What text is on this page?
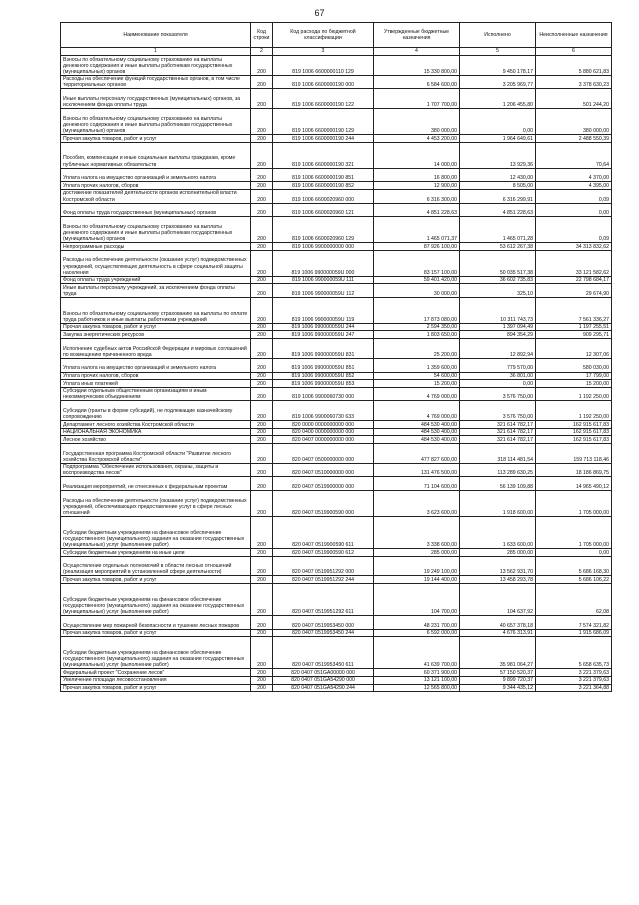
67
Наименование показателя	Код строки	Код расхода по бюджетной классификации	Утвержденные бюджетные назначения	Исполнено	Неисполненные назначения
1	2	3	4	5	6
Взносы по обязательному социальному страхованию на выплаты денежного содержания и иные выплаты работникам государственных (муниципальных) органов	200	819 1006 6600000110 129	15 330 800,00	9 450 178,17	5 880 621,83
Расходы на обеспечение функций государственных органов, в том числе территориальных органов	200	819 1006 6600000190 000	6 584 600,00	3 205 969,77	3 378 630,23
Иные выплаты персоналу государственных (муниципальных) органов, за исключением фонда оплаты труда	200	819 1006 6600000190 122	1 707 700,00	1 206 455,80	501 244,20
Взносы по обязательному социальному страхованию на выплаты денежного содержания и иные выплаты работникам государственных (муниципальных) органов	200	819 1006 6600000190 129	380 000,00	0,00	380 000,00
Прочая закупка товаров, работ и услуг	200	819 1006 6600000190 244	4 453 200,00	1 964 649,61	2 488 550,39
Пособия, компенсации и иные социальные выплаты гражданам, кроме публичных нормативных обязательств	200	819 1006 6600000190 321	14 000,00	13 929,36	70,64
Уплата налога на имущество организаций и земельного налога	200	819 1006 6600000190 851	16 800,00	12 430,00	4 370,00
Уплата прочих налогов, сборов	200	819 1006 6600000190 852	12 900,00	8 505,00	4 395,00
достижение показателей деятельности органов исполнительной власти Костромской области	200	819 1006 6600020960 000	6 316 300,00	6 316 299,91	0,09
Фонд оплаты труда государственных (муниципальных) органов	200	819 1006 6600020960 121	4 851 228,63	4 851 228,63	0,00
Взносы по обязательному социальному страхованию на выплаты денежного содержания и иные выплаты работникам государственных (муниципальных) органов	200	819 1006 6600020960 129	1 465 071,37	1 465 071,28	0,09
Непрограммные расходы	200	819 1006 9900000000 000	87 926 100,00	53 612 267,38	34 313 832,62
Расходы на обеспечение деятельности (оказание услуг) подведомственных учреждений, осуществляющих деятельность в сфере социальной защиты населения	200	819 1006 990000059U 000	83 157 100,00	50 035 517,38	33 121 582,62
Фонд оплаты труда учреждений	200	819 1006 990000059U 111	59 401 420,00	36 602 735,83	22 798 684,17
Иные выплаты персоналу учреждений, за исключением фонда оплаты труда	200	819 1006 990000059U 112	30 000,00	325,10	29 674,90
Взносы по обязательному социальному страхованию на выплаты по оплате труда работников и иные выплаты работникам учреждений	200	819 1006 990000059U 119	17 873 080,00	10 311 743,73	7 561 336,27
Прочая закупка товаров, работ и услуг	200	819 1006 990000059U 244	2 594 350,00	1 397 094,49	1 197 255,51
Закупка энергетических ресурсов	200	819 1006 990000059U 247	1 803 650,00	894 354,29	909 295,71
Исполнение судебных актов Российской Федерации и мировых соглашений по возмещению причиненного вреда	200	819 1006 990000059U 831	25 200,00	12 892,94	12 307,06
Уплата налога на имущество организаций и земельного налога	200	819 1006 990000059U 851	1 359 600,00	779 570,00	580 030,00
Уплата прочих налогов, сборов	200	819 1006 990000059U 852	54 600,00	36 801,00	17 799,00
Уплата иных платежей	200	819 1006 990000059U 853	15 200,00	0,00	15 200,00
Субсидии отдельным общественным организациям и иным некоммерческим объединениям	200	819 1006 9900060730 000	4 769 000,00	3 576 750,00	1 192 250,00
Субсидии (гранты в форме субсидий), не подлежащие казначейскому сопровождению	200	819 1006 9900060730 633	4 769 000,00	3 576 750,00	1 192 250,00
Департамент лесного хозяйства Костромской области	200	820 0000 0000000000 000	484 530 400,00	321 614 782,17	162 915 617,83
НАЦИОНАЛЬНАЯ ЭКОНОМИКА	200	820 0400 0000000000 000	484 530 400,00	321 614 782,17	162 915 617,83
Лесное хозяйство	200	820 0407 0000000000 000	484 530 400,00	321 614 782,17	162 915 617,83
Государственная программа Костромской области "Развитие лесного хозяйства Костромской области"	200	820 0407 0500000000 000	477 827 600,00	318 114 481,54	159 713 118,46
Подпрограмма "Обеспечение использования, охраны, защиты и воспроизводства лесов"	200	820 0407 0510000000 000	131 476 500,00	113 289 630,25	18 186 869,75
Реализация мероприятий, не отнесенных к федеральным проектам	200	820 0407 0519900000 000	71 104 600,00	56 139 109,88	14 965 490,12
Расходы на обеспечение деятельности (оказание услуг) подведомственных учреждений, обеспечивающих предоставление услуг в сфере лесных отношений	200	820 0407 0519900590 000	3 623 600,00	1 918 600,00	1 705 000,00
Субсидии бюджетным учреждениям на финансовое обеспечение государственного (муниципального) задания на оказание государственных (муниципальных) услуг (выполнение работ)	200	820 0407 0519900590 611	3 338 600,00	1 633 600,00	1 705 000,00
Субсидии бюджетным учреждениям на иные цели	200	820 0407 0519900590 612	285 000,00	285 000,00	0,00
Осуществление отдельных полномочий в области лесных отношений (реализация мероприятий в установленной сфере деятельности)	200	820 0407 0519951292 000	19 249 100,00	13 562 931,70	5 686 168,30
Прочая закупка товаров, работ и услуг	200	820 0407 0519951292 244	19 144 400,00	13 458 293,78	5 686 106,22
Субсидии бюджетным учреждениям на финансовое обеспечение государственного (муниципального) задания на оказание государственных (муниципальных) услуг (выполнение работ)	200	820 0407 0519951292 611	104 700,00	104 637,92	62,08
Осуществление мер пожарной безопасности и тушение лесных пожаров	200	820 0407 0519953450 000	48 231 700,00	40 657 378,18	7 574 321,82
Прочая закупка товаров, работ и услуг	200	820 0407 0519953450 244	6 592 000,00	4 676 313,91	1 915 686,09
Субсидии бюджетным учреждениям на финансовое обеспечение государственного (муниципального) задания на оказание государственных (муниципальных) услуг (выполнение работ)	200	820 0407 0519953450 611	41 639 700,00	35 981 064,27	5 658 635,73
Федеральный проект "Сохранение лесов"	200	820 0407 051GA00000 000	60 371 900,00	57 150 520,37	3 221 379,63
Увеличение площади лесовосстановления	200	820 0407 051GA54290 000	13 121 100,00	9 899 720,37	3 221 379,63
Прочая закупка товаров, работ и услуг	200	820 0407 051GA54290 244	12 565 800,00	9 344 435,12	3 221 364,88
